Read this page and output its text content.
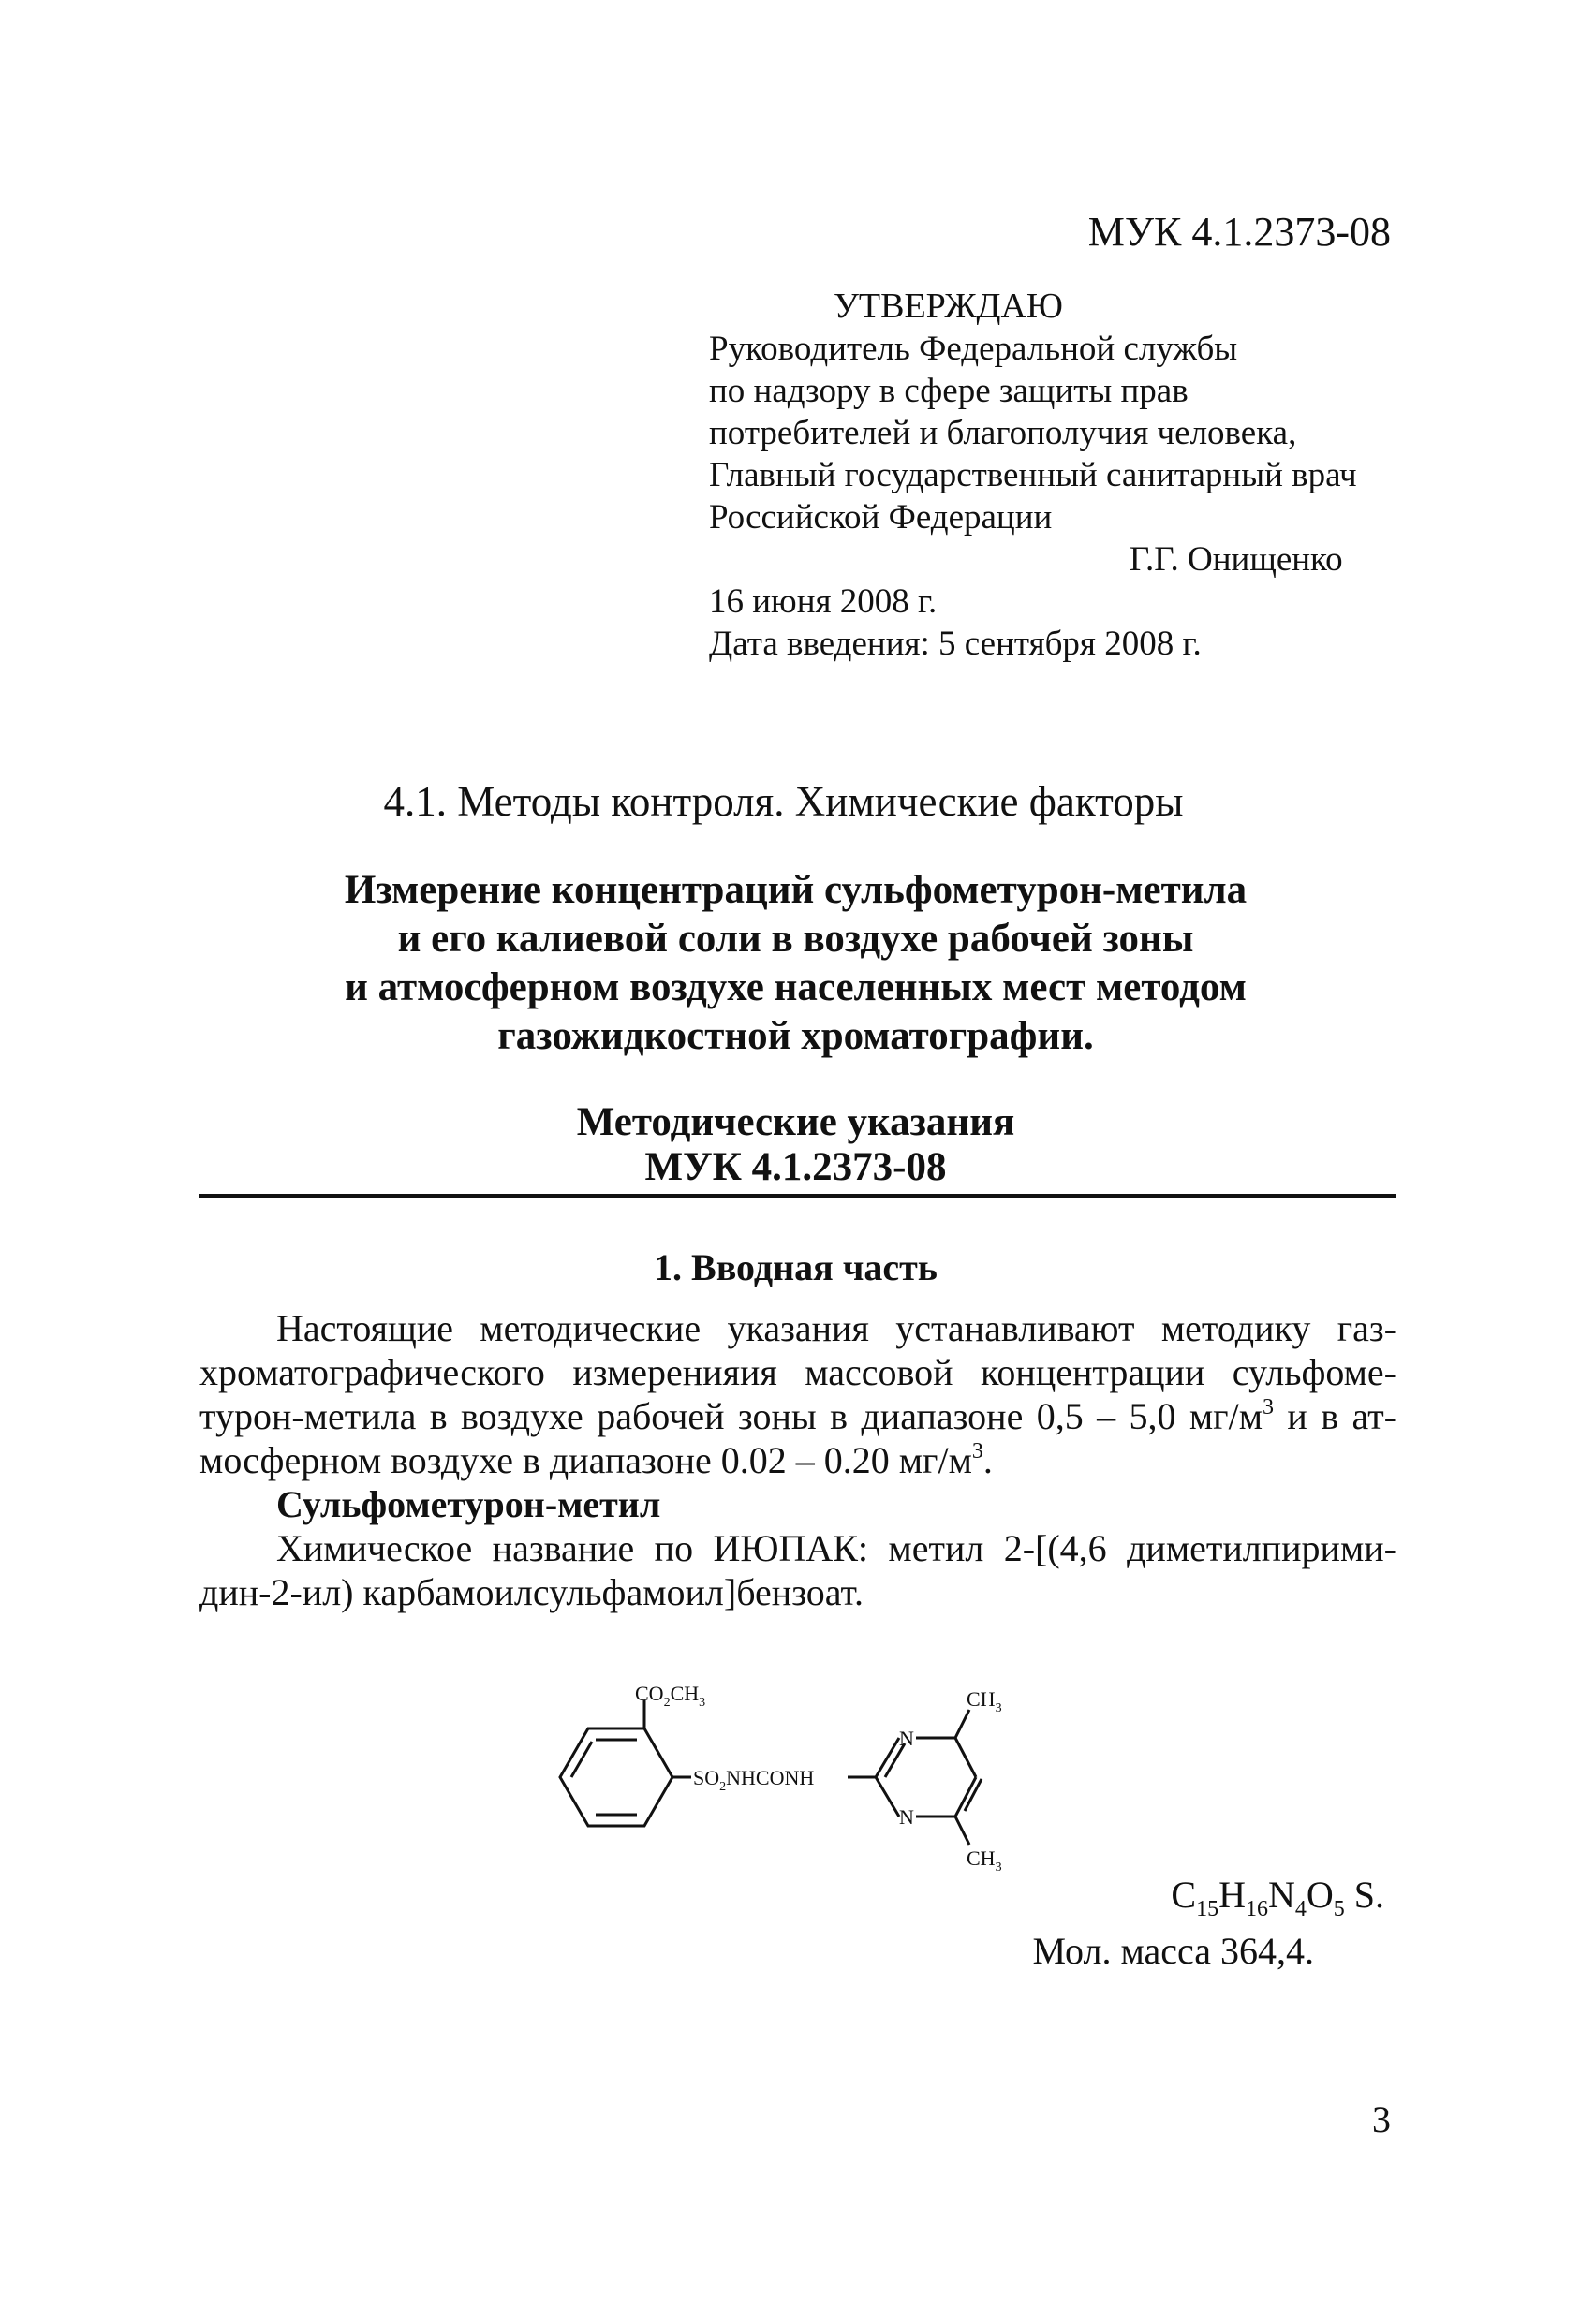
МУК 4.1.2373-08
УТВЕРЖДАЮ
Руководитель Федеральной службы
по надзору в сфере защиты прав
потребителей и благополучия человека,
Главный государственный санитарный врач
Российской Федерации
Г.Г. Онищенко
16 июня 2008 г.
Дата введения: 5 сентября 2008 г.
4.1. Методы контроля. Химические факторы
Измерение концентраций сульфометурон-метила
и его калиевой соли в воздухе рабочей зоны
и атмосферном воздухе населенных мест методом
газожидкостной хроматографии.
Методические указания
МУК 4.1.2373-08
1. Вводная часть

Настоящие методические указания устанавливают методику газ-

хроматографического измеренияия массовой концентрации сульфоме-

турон-метила в воздухе рабочей зоны в диапазоне 0,5 – 5,0 $мг/м^3$ и в ат-

мосферном воздухе в диапазоне 0.02 – 0.20 $мг/м^3$.

Сульфометурон-метил

Химическое название по ИЮПАК: метил 2-[(4,6 диметилпирими-

дин-2-ил) карбамоилсульфамоил]бензоат.

$CO_2CH_3$
$SO_2NHCONH$
N
N
$CH_3$
$CH_3$
$C_{15}H_{16}N_4O_5$ S.
Мол. масса 364,4.
3
